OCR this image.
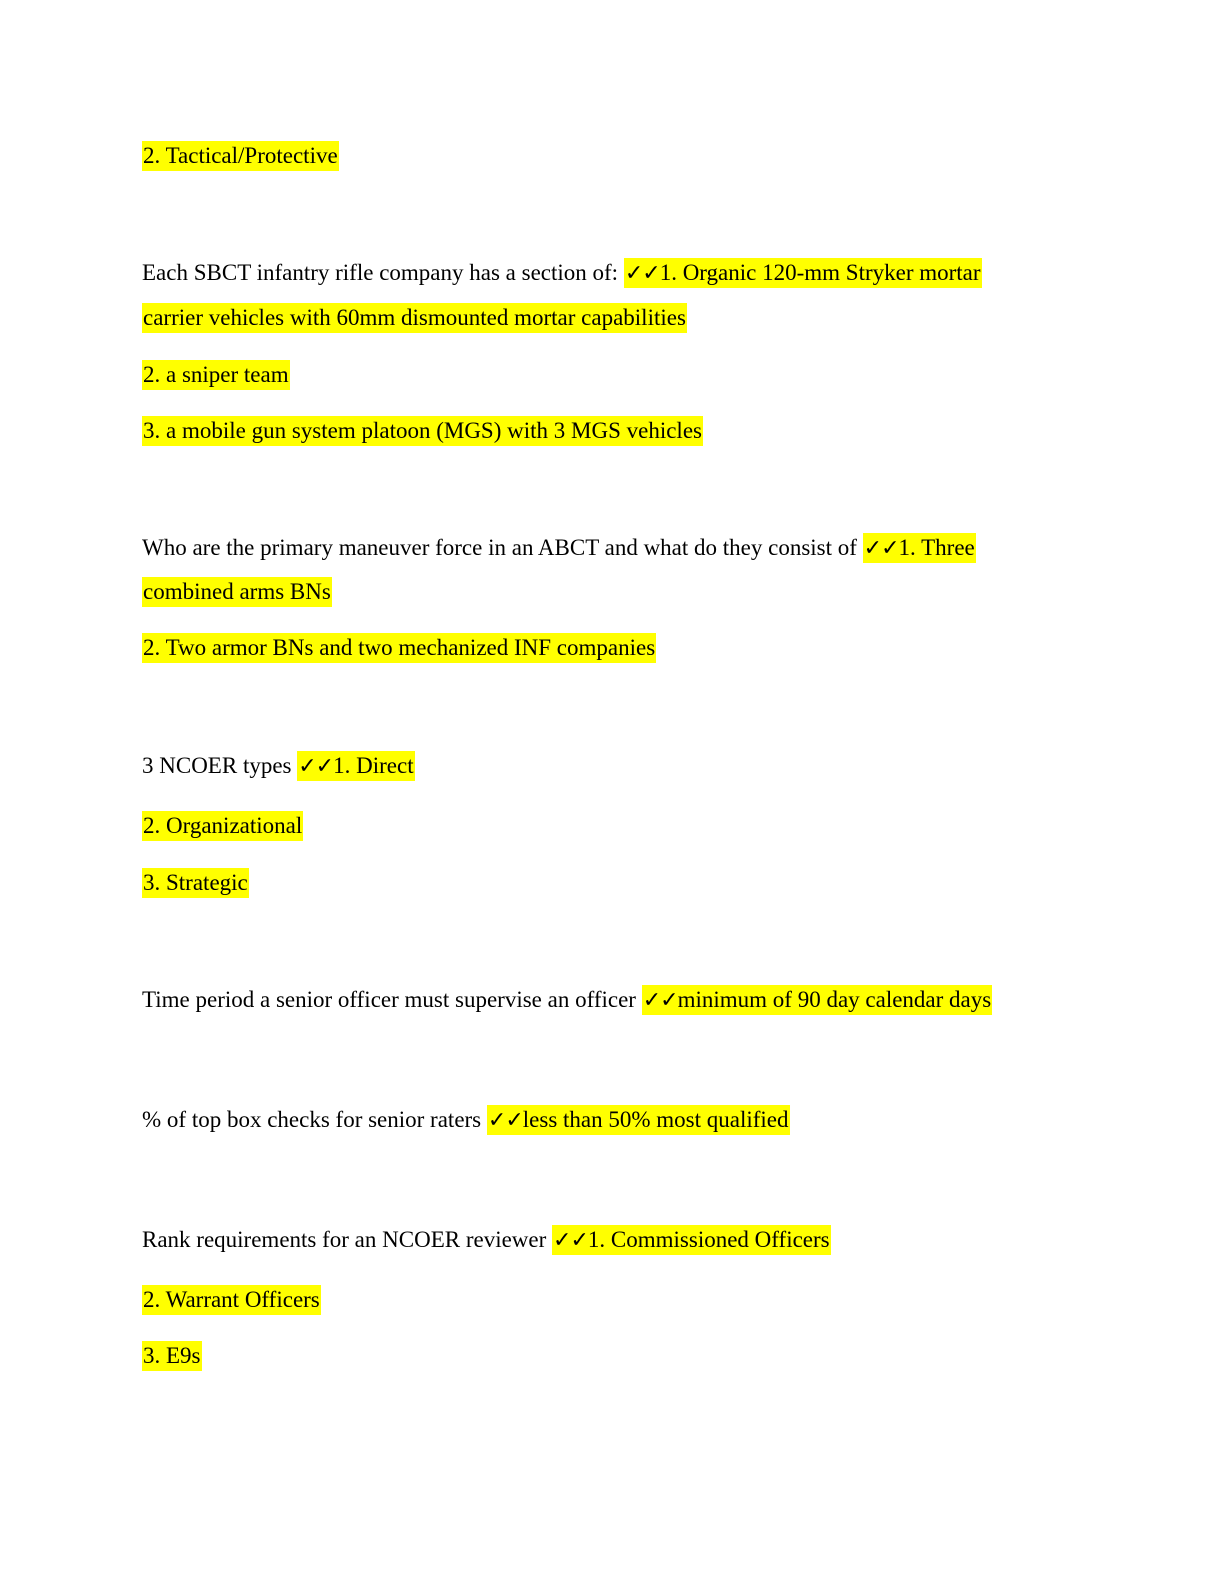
2. Tactical/Protective
Each SBCT infantry rifle company has a section of: ✓✓1. Organic 120-mm Stryker mortar
carrier vehicles with 60mm dismounted mortar capabilities
2. a sniper team
3. a mobile gun system platoon (MGS) with 3 MGS vehicles
Who are the primary maneuver force in an ABCT and what do they consist of ✓✓1. Three
combined arms BNs
2. Two armor BNs and two mechanized INF companies
3 NCOER types ✓✓1. Direct
2. Organizational
3. Strategic
Time period a senior officer must supervise an officer ✓✓minimum of 90 day calendar days
% of top box checks for senior raters ✓✓less than 50% most qualified
Rank requirements for an NCOER reviewer ✓✓1. Commissioned Officers
2. Warrant Officers
3. E9s
